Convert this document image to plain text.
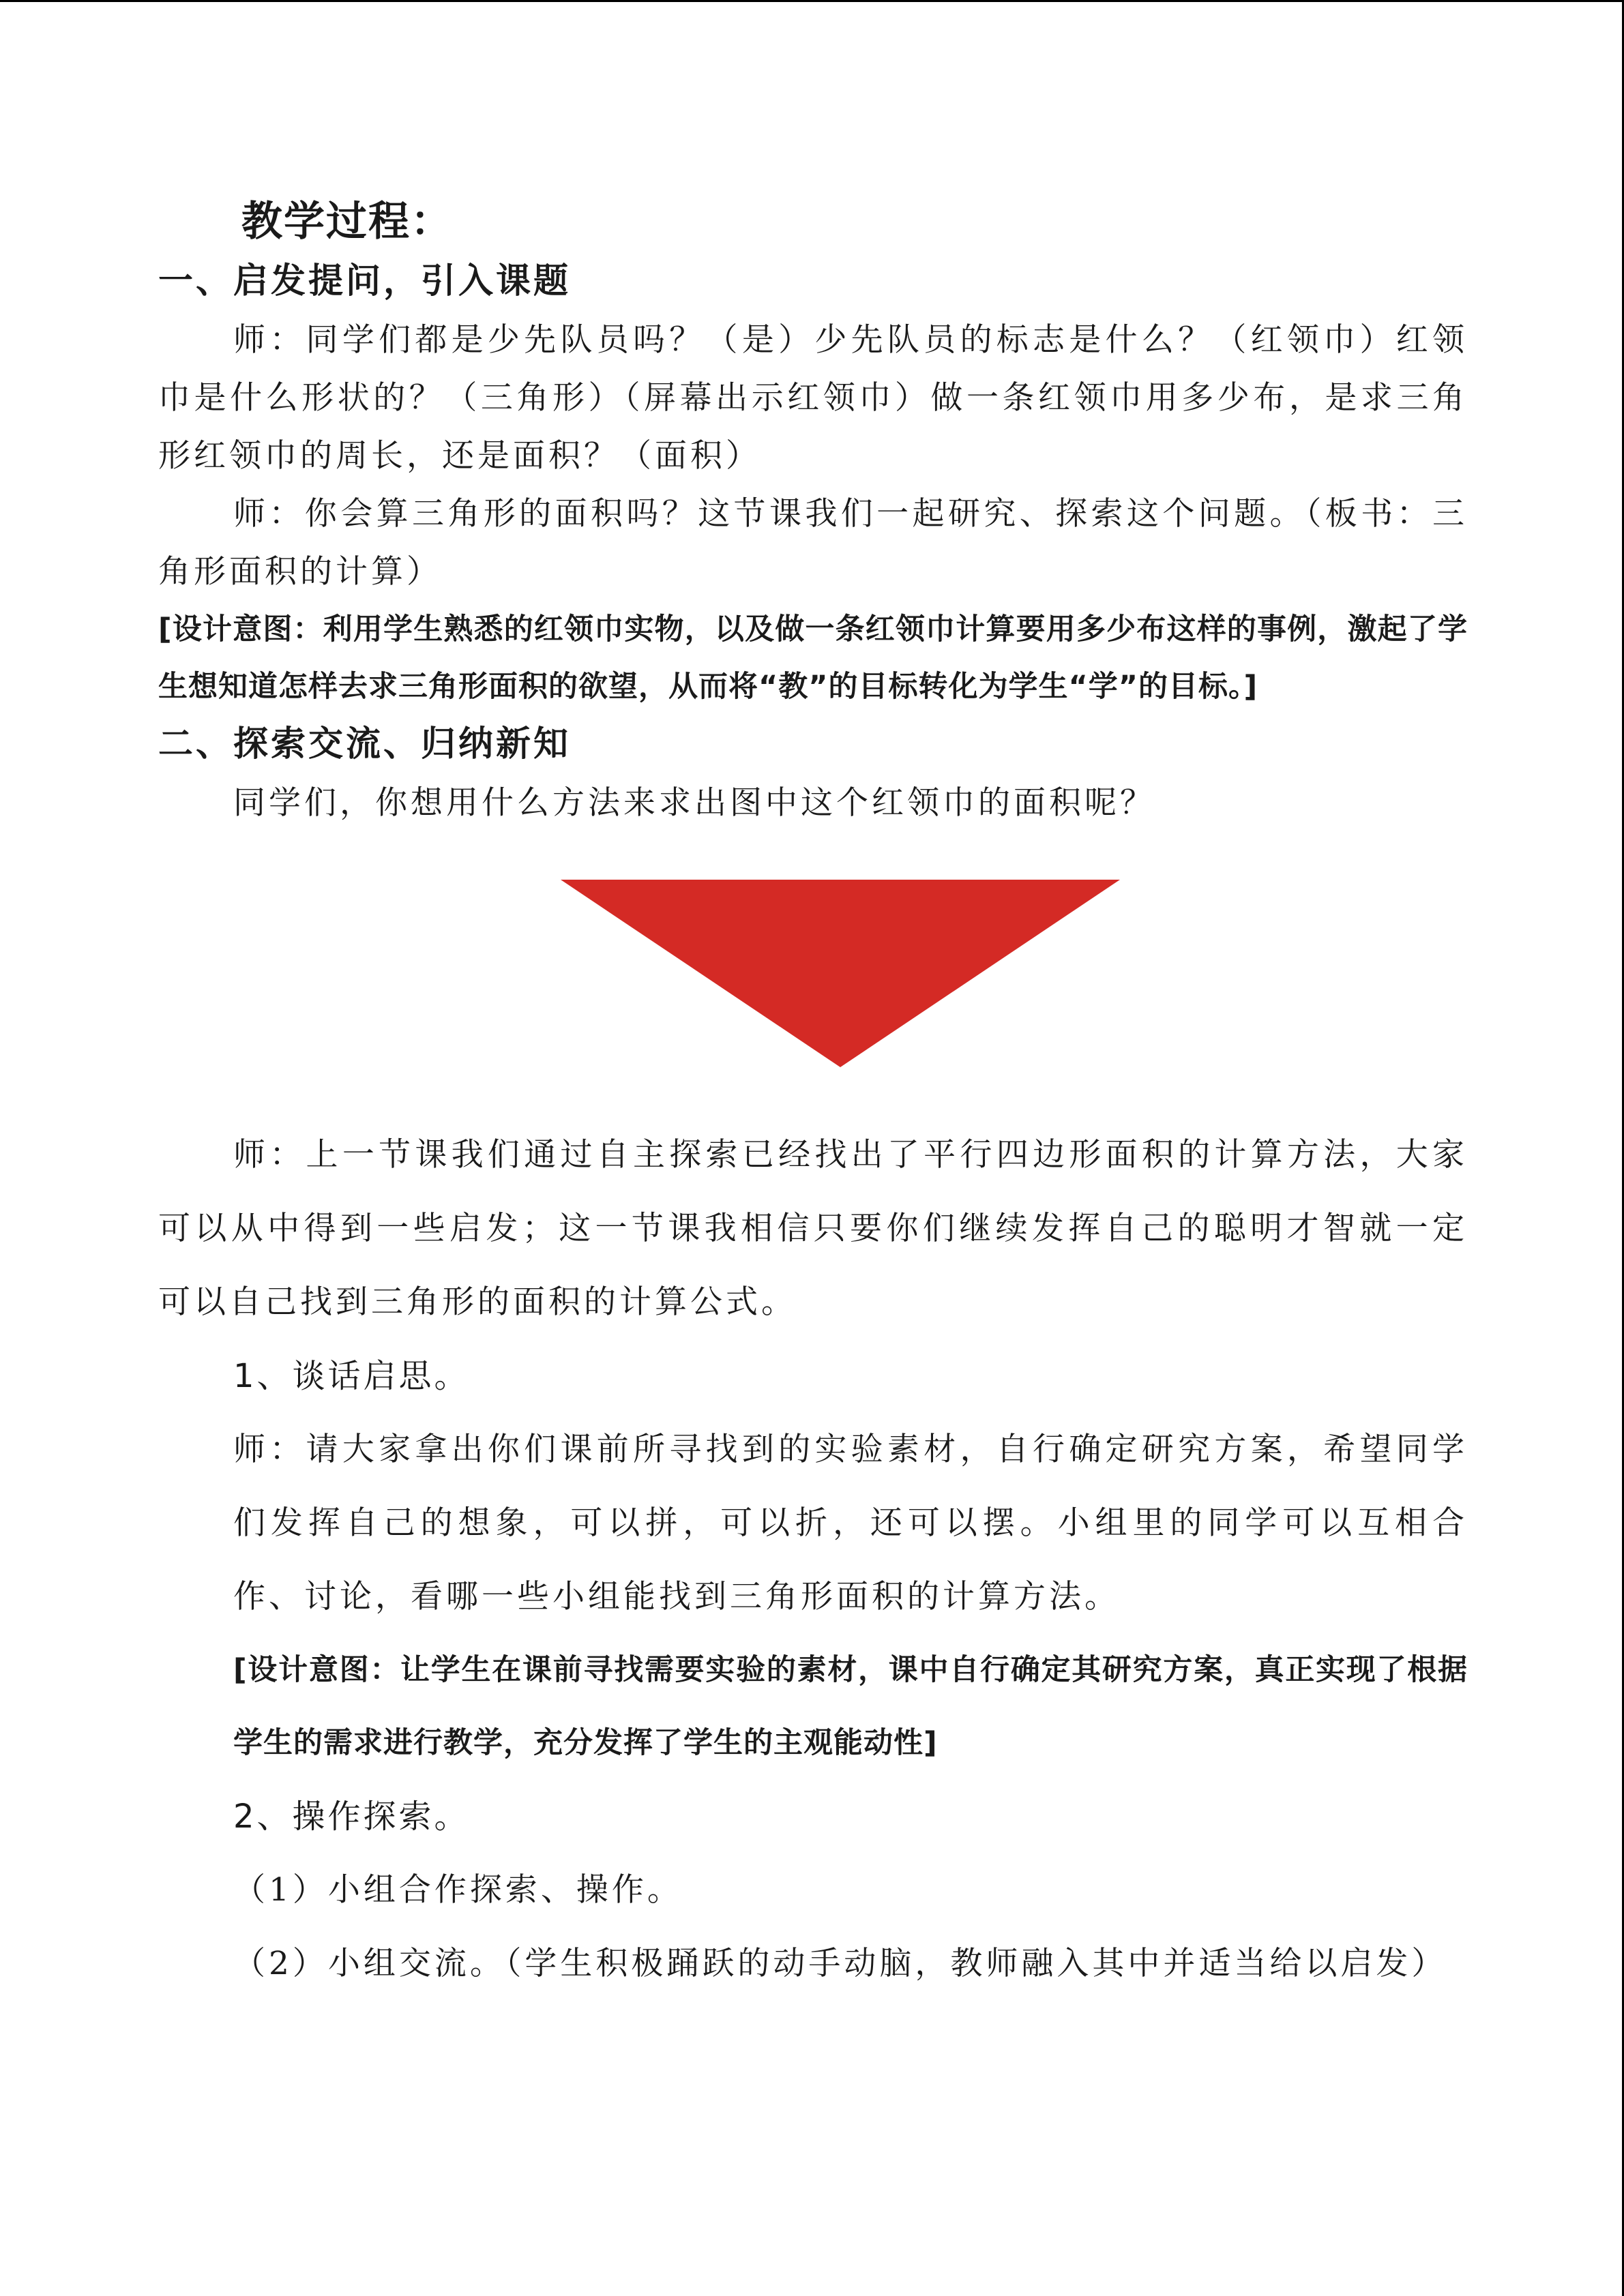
教学过程：
一、启发提问，引入课题

师：同学们都是少先队员吗？（是）少先队员的标志是什么？（红领巾）红领巾是什么形状的？（三角形）（屏幕出示红领巾）做一条红领巾用多少布，是求三角形红领巾的周长，还是面积？（面积）

师：你会算三角形的面积吗？这节课我们一起研究、探索这个问题。（板书：三角形面积的计算）

[设计意图：利用学生熟悉的红领巾实物，以及做一条红领巾计算要用多少布这样的事例，激起了学生想知道怎样去求三角形面积的欲望，从而将“教”的目标转化为学生“学”的目标。]

二、探索交流、归纳新知

同学们，你想用什么方法来求出图中这个红领巾的面积呢？

师：上一节课我们通过自主探索已经找出了平行四边形面积的计算方法，大家可以从中得到一些启发；这一节课我相信只要你们继续发挥自己的聪明才智就一定可以自己找到三角形的面积的计算公式。

1、谈话启思。

师：请大家拿出你们课前所寻找到的实验素材，自行确定研究方案，希望同学们发挥自己的想象，可以拼，可以折，还可以摆。小组里的同学可以互相合作、讨论，看哪一些小组能找到三角形面积的计算方法。

[设计意图：让学生在课前寻找需要实验的素材，课中自行确定其研究方案，真正实现了根据学生的需求进行教学，充分发挥了学生的主观能动性]

2、操作探索。

（1）小组合作探索、操作。

（2）小组交流。（学生积极踊跃的动手动脑，教师融入其中并适当给以启发）
